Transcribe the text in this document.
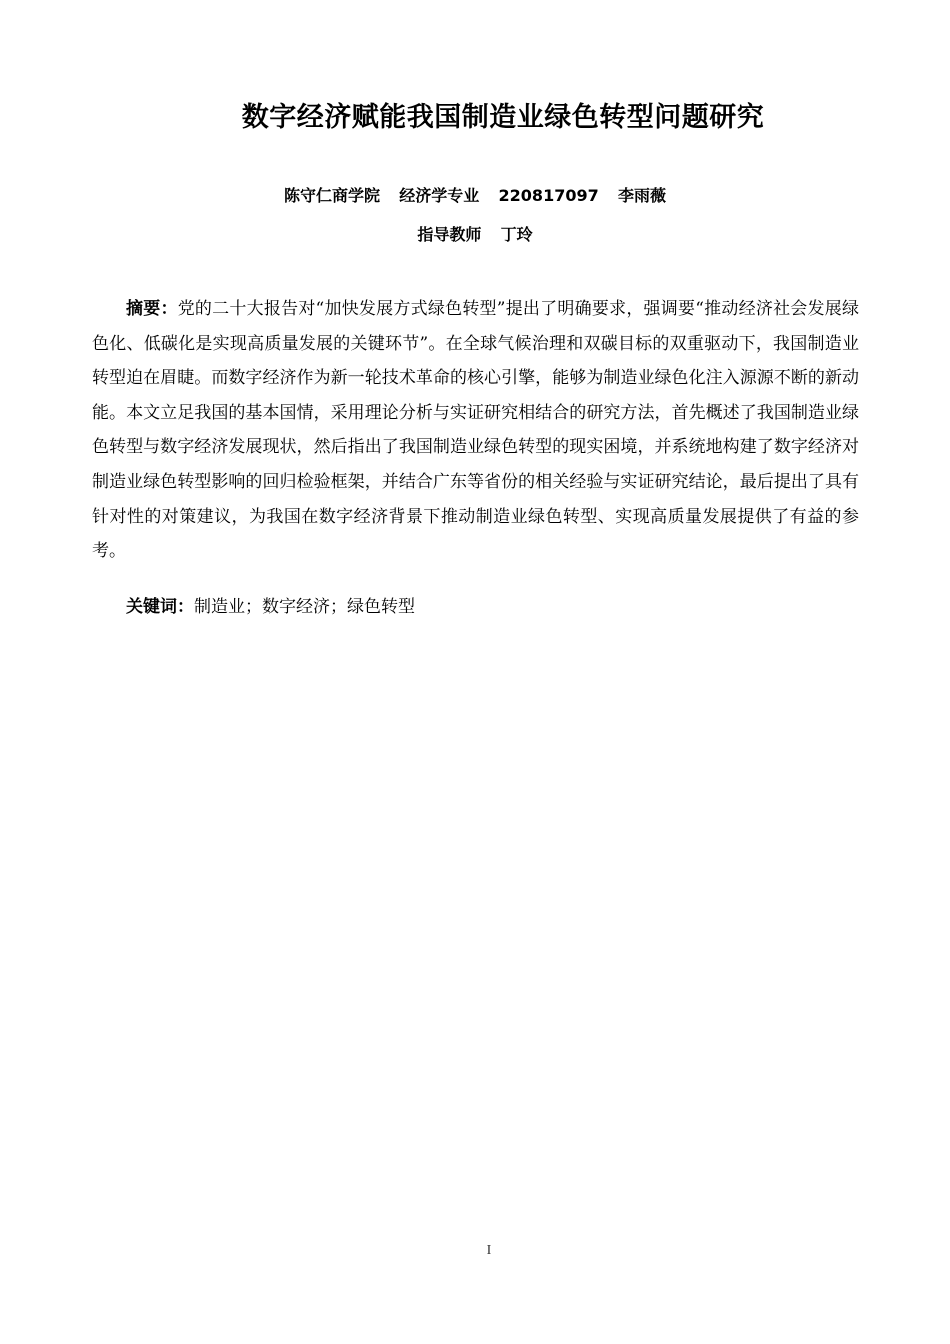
数字经济赋能我国制造业绿色转型问题研究
陈守仁商学院 经济学专业 220817097 李雨薇
指导教师 丁玲

摘要：党的二十大报告对“加快发展方式绿色转型”提出了明确要求，强调要“推动经济社会发展绿色化、低碳化是实现高质量发展的关键环节”。在全球气候治理和双碳目标的双重驱动下，我国制造业转型迫在眉睫。而数字经济作为新一轮技术革命的核心引擎，能够为制造业绿色化注入源源不断的新动能。本文立足我国的基本国情，采用理论分析与实证研究相结合的研究方法，首先概述了我国制造业绿色转型与数字经济发展现状，然后指出了我国制造业绿色转型的现实困境，并系统地构建了数字经济对制造业绿色转型影响的回归检验框架，并结合广东等省份的相关经验与实证研究结论，最后提出了具有针对性的对策建议，为我国在数字经济背景下推动制造业绿色转型、实现高质量发展提供了有益的参考。

关键词：制造业；数字经济；绿色转型

I
